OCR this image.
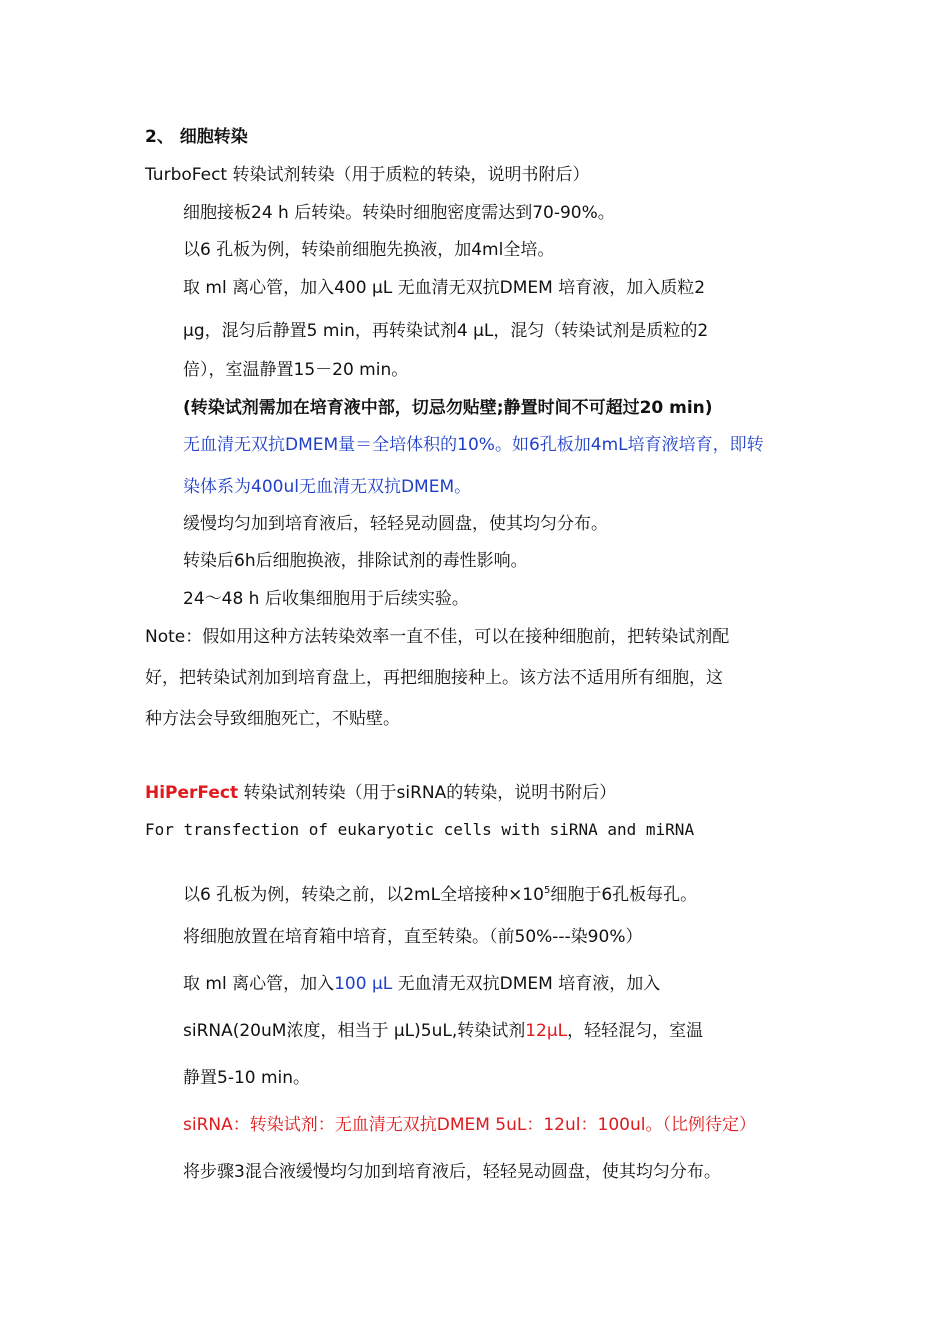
2、 细胞转染
TurboFect 转染试剂转染（用于质粒的转染，说明书附后）
细胞接板24 h 后转染。转染时细胞密度需达到70-90%。
以6 孔板为例，转染前细胞先换液，加4ml全培。
取 ml 离心管，加入400 μL 无血清无双抗DMEM 培育液，加入质粒2
μg，混匀后静置5 min，再转染试剂4 μL，混匀（转染试剂是质粒的2
倍），室温静置15－20 min。
(转染试剂需加在培育液中部，切忌勿贴壁;静置时间不可超过20 min)
无血清无双抗DMEM量＝全培体积的10%。如6孔板加4mL培育液培育，即转
染体系为400ul无血清无双抗DMEM。
缓慢均匀加到培育液后，轻轻晃动圆盘，使其均匀分布。
转染后6h后细胞换液，排除试剂的毒性影响。
24～48 h 后收集细胞用于后续实验。
Note：假如用这种方法转染效率一直不佳，可以在接种细胞前，把转染试剂配
好，把转染试剂加到培育盘上，再把细胞接种上。该方法不适用所有细胞，这
种方法会导致细胞死亡，不贴壁。
HiPerFect 转染试剂转染（用于siRNA的转染，说明书附后）
For transfection of eukaryotic cells with siRNA and miRNA
以6 孔板为例，转染之前，以2mL全培接种$\times 10^5$细胞于6孔板每孔。
将细胞放置在培育箱中培育，直至转染。（前50%---染90%）
取 ml 离心管，加入100 μL 无血清无双抗DMEM 培育液，加入
siRNA(20uM浓度，相当于 μL)5uL,转染试剂12μL，轻轻混匀，室温
静置5-10 min。
siRNA：转染试剂：无血清无双抗DMEM 5uL：12ul：100ul。（比例待定）
将步骤3混合液缓慢均匀加到培育液后，轻轻晃动圆盘，使其均匀分布。
